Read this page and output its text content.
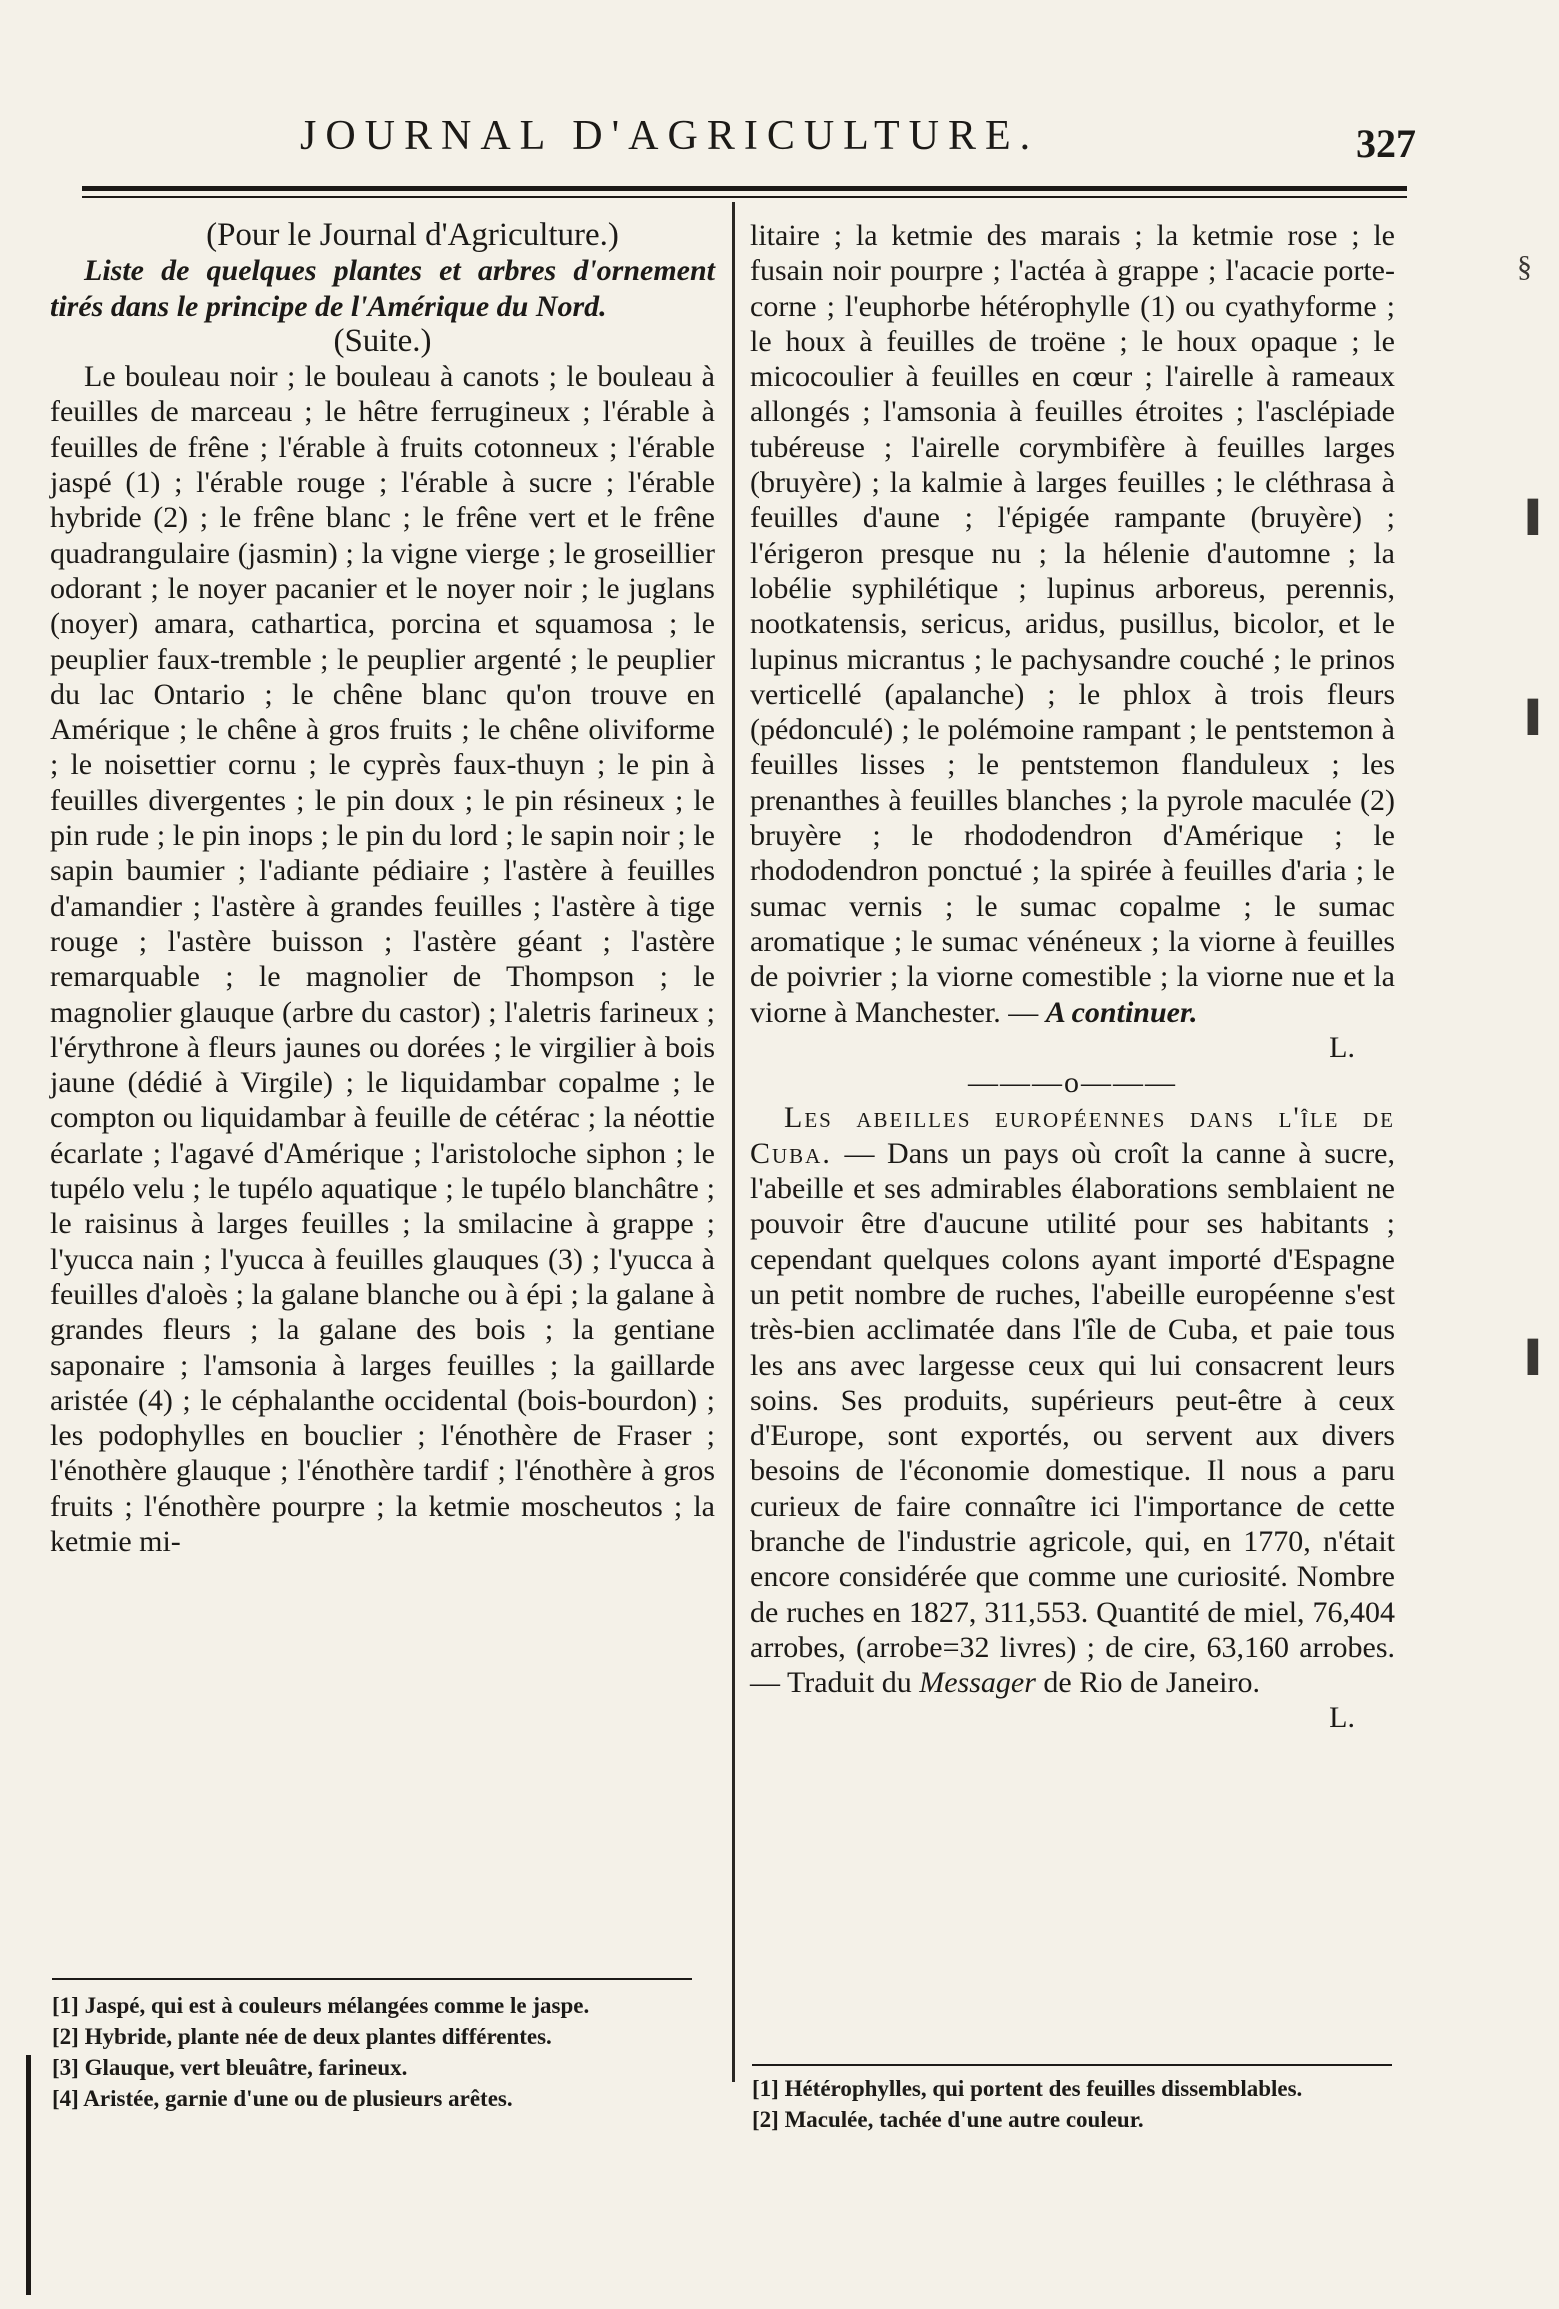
JOURNAL D'AGRICULTURE.	327
§
▐
▐
▐

(Pour le Journal d'Agriculture.)

Liste de quelques plantes et arbres d'ornement tirés dans le principe de l'Amérique du Nord.

(Suite.)

Le bouleau noir ; le bouleau à canots ; le bouleau à feuilles de marceau ; le hêtre ferrugineux ; l'érable à feuilles de frêne ; l'érable à fruits cotonneux ; l'érable jaspé (1) ; l'érable rouge ; l'érable à sucre ; l'érable hybride (2) ; le frêne blanc ; le frêne vert et le frêne quadrangulaire (jasmin) ; la vigne vierge ; le groseillier odorant ; le noyer pacanier et le noyer noir ; le juglans (noyer) amara, cathartica, porcina et squamosa ; le peuplier faux-tremble ; le peuplier argenté ; le peuplier du lac Ontario ; le chêne blanc qu'on trouve en Amérique ; le chêne à gros fruits ; le chêne oliviforme ; le noisettier cornu ; le cyprès faux-thuyn ; le pin à feuilles divergentes ; le pin doux ; le pin résineux ; le pin rude ; le pin inops ; le pin du lord ; le sapin noir ; le sapin baumier ; l'adiante pédiaire ; l'astère à feuilles d'amandier ; l'astère à grandes feuilles ; l'astère à tige rouge ; l'astère buisson ; l'astère géant ; l'astère remarquable ; le magnolier de Thompson ; le magnolier glauque (arbre du castor) ; l'aletris farineux ; l'érythrone à fleurs jaunes ou dorées ; le virgilier à bois jaune (dédié à Virgile) ; le liquidambar copalme ; le compton ou liquidambar à feuille de cétérac ; la néottie écarlate ; l'agavé d'Amérique ; l'aristoloche siphon ; le tupélo velu ; le tupélo aquatique ; le tupélo blanchâtre ; le raisinus à larges feuilles ; la smilacine à grappe ; l'yucca nain ; l'yucca à feuilles glauques (3) ; l'yucca à feuilles d'aloès ; la galane blanche ou à épi ; la galane à grandes fleurs ; la galane des bois ; la gentiane saponaire ; l'amsonia à larges feuilles ; la gaillarde aristée (4) ; le céphalanthe occidental (bois-bourdon) ; les podophylles en bouclier ; l'énothère de Fraser ; l'énothère glauque ; l'énothère tardif ; l'énothère à gros fruits ; l'énothère pourpre ; la ketmie moscheutos ; la ketmie mi-

[1] Jaspé, qui est à couleurs mélangées comme le jaspe.

[2] Hybride, plante née de deux plantes différentes.

[3] Glauque, vert bleuâtre, farineux.

[4] Aristée, garnie d'une ou de plusieurs arêtes.

litaire ; la ketmie des marais ; la ketmie rose ; le fusain noir pourpre ; l'actéa à grappe ; l'acacie porte-corne ; l'euphorbe hétérophylle (1) ou cyathyforme ; le houx à feuilles de troëne ; le houx opaque ; le micocoulier à feuilles en cœur ; l'airelle à rameaux allongés ; l'amsonia à feuilles étroites ; l'asclépiade tubéreuse ; l'airelle corymbifère à feuilles larges (bruyère) ; la kalmie à larges feuilles ; le cléthrasa à feuilles d'aune ; l'épigée rampante (bruyère) ; l'érigeron presque nu ; la hélenie d'automne ; la lobélie syphilétique ; lupinus arboreus, perennis, nootkatensis, sericus, aridus, pusillus, bicolor, et le lupinus micrantus ; le pachysandre couché ; le prinos verticellé (apalanche) ; le phlox à trois fleurs (pédonculé) ; le polémoine rampant ; le pentstemon à feuilles lisses ; le pentstemon flanduleux ; les prenanthes à feuilles blanches ; la pyrole maculée (2) bruyère ; le rhododendron d'Amérique ; le rhododendron ponctué ; la spirée à feuilles d'aria ; le sumac vernis ; le sumac copalme ; le sumac aromatique ; le sumac vénéneux ; la viorne à feuilles de poivrier ; la viorne comestible ; la viorne nue et la viorne à Manchester. — A continuer.

L.

———o———

Les abeilles européennes dans l'île de Cuba. — Dans un pays où croît la canne à sucre, l'abeille et ses admirables élaborations semblaient ne pouvoir être d'aucune utilité pour ses habitants ; cependant quelques colons ayant importé d'Espagne un petit nombre de ruches, l'abeille européenne s'est très-bien acclimatée dans l'île de Cuba, et paie tous les ans avec largesse ceux qui lui consacrent leurs soins. Ses produits, supérieurs peut-être à ceux d'Europe, sont exportés, ou servent aux divers besoins de l'économie domestique. Il nous a paru curieux de faire connaître ici l'importance de cette branche de l'industrie agricole, qui, en 1770, n'était encore considérée que comme une curiosité. Nombre de ruches en 1827, 311,553. Quantité de miel, 76,404 arrobes, (arrobe=32 livres) ; de cire, 63,160 arrobes. — Traduit du Messager de Rio de Janeiro.

L.

[1] Hétérophylles, qui portent des feuilles dissemblables.

[2] Maculée, tachée d'une autre couleur.
